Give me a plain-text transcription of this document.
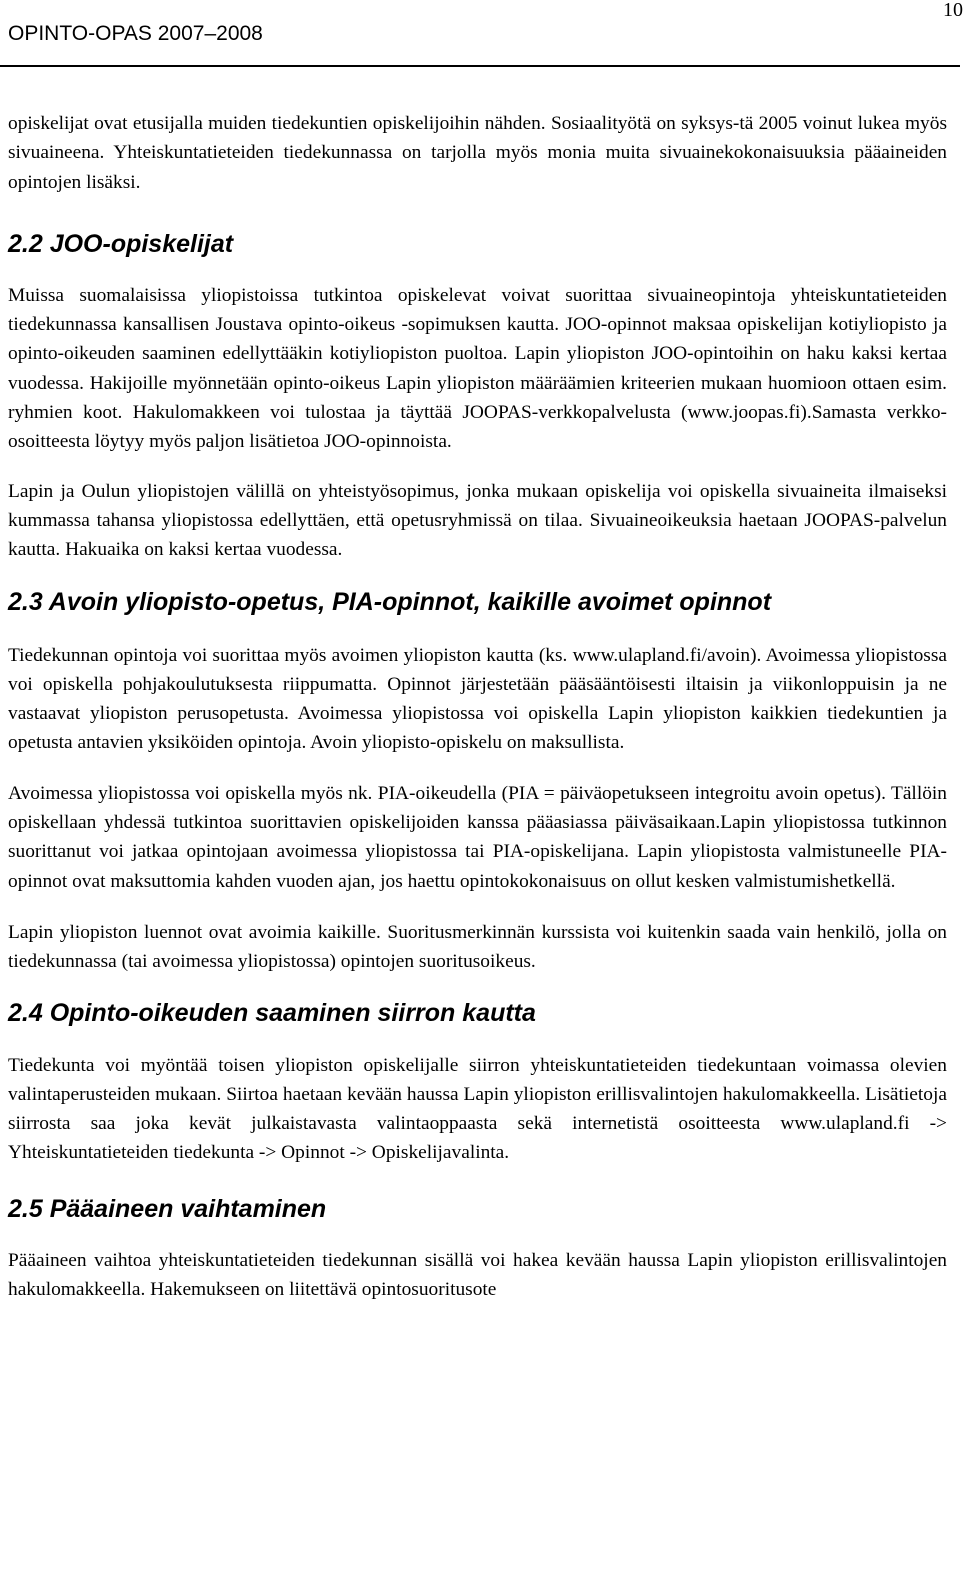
OPINTO-OPAS 2007–2008
10

opiskelijat ovat etusijalla muiden tiedekuntien opiskelijoihin nähden. Sosiaalityötä on syksys-tä 2005 voinut lukea myös sivuaineena. Yhteiskuntatieteiden tiedekunnassa on tarjolla myös monia muita sivuainekokonaisuuksia pääaineiden opintojen lisäksi.

2.2 JOO-opiskelijat

Muissa suomalaisissa yliopistoissa tutkintoa opiskelevat voivat suorittaa sivuaineopintoja yhteiskuntatieteiden tiedekunnassa kansallisen Joustava opinto-oikeus -sopimuksen kautta. JOO-opinnot maksaa opiskelijan kotiyliopisto ja opinto-oikeuden saaminen edellyttääkin kotiyliopiston puoltoa. Lapin yliopiston JOO-opintoihin on haku kaksi kertaa vuodessa. Hakijoille myönnetään opinto-oikeus Lapin yliopiston määräämien kriteerien mukaan huomioon ottaen esim. ryhmien koot. Hakulomakkeen voi tulostaa ja täyttää JOOPAS-verkkopalvelusta (www.joopas.fi).Samasta verkko-osoitteesta löytyy myös paljon lisätietoa JOO-opinnoista.

Lapin ja Oulun yliopistojen välillä on yhteistyösopimus, jonka mukaan opiskelija voi opiskella sivuaineita ilmaiseksi kummassa tahansa yliopistossa edellyttäen, että opetusryhmissä on tilaa. Sivuaineoikeuksia haetaan JOOPAS-palvelun kautta. Hakuaika on kaksi kertaa vuodessa.

2.3 Avoin yliopisto-opetus, PIA-opinnot, kaikille avoimet opinnot

Tiedekunnan opintoja voi suorittaa myös avoimen yliopiston kautta (ks. www.ulapland.fi/avoin). Avoimessa yliopistossa voi opiskella pohjakoulutuksesta riippumatta. Opinnot järjestetään pääsääntöisesti iltaisin ja viikonloppuisin ja ne vastaavat yliopiston perusopetusta. Avoimessa yliopistossa voi opiskella Lapin yliopiston kaikkien tiedekuntien ja opetusta antavien yksiköiden opintoja. Avoin yliopisto-opiskelu on maksullista.

Avoimessa yliopistossa voi opiskella myös nk. PIA-oikeudella (PIA = päiväopetukseen integroitu avoin opetus). Tällöin opiskellaan yhdessä tutkintoa suorittavien opiskelijoiden kanssa pääasiassa päiväsaikaan.Lapin yliopistossa tutkinnon suorittanut voi jatkaa opintojaan avoimessa yliopistossa tai PIA-opiskelijana. Lapin yliopistosta valmistuneelle PIA-opinnot ovat maksuttomia kahden vuoden ajan, jos haettu opintokokonaisuus on ollut kesken valmistumishetkellä.

Lapin yliopiston luennot ovat avoimia kaikille. Suoritusmerkinnän kurssista voi kuitenkin saada vain henkilö, jolla on tiedekunnassa (tai avoimessa yliopistossa) opintojen suoritusoikeus.

2.4 Opinto-oikeuden saaminen siirron kautta

Tiedekunta voi myöntää toisen yliopiston opiskelijalle siirron yhteiskuntatieteiden tiedekuntaan voimassa olevien valintaperusteiden mukaan. Siirtoa haetaan kevään haussa Lapin yliopiston erillisvalintojen hakulomakkeella. Lisätietoja siirrosta saa joka kevät julkaistavasta valintaoppaasta sekä internetistä osoitteesta www.ulapland.fi -> Yhteiskuntatieteiden tiedekunta -> Opinnot -> Opiskelijavalinta.

2.5 Pääaineen vaihtaminen

Pääaineen vaihtoa yhteiskuntatieteiden tiedekunnan sisällä voi hakea kevään haussa Lapin yliopiston erillisvalintojen hakulomakkeella. Hakemukseen on liitettävä opintosuoritusote
